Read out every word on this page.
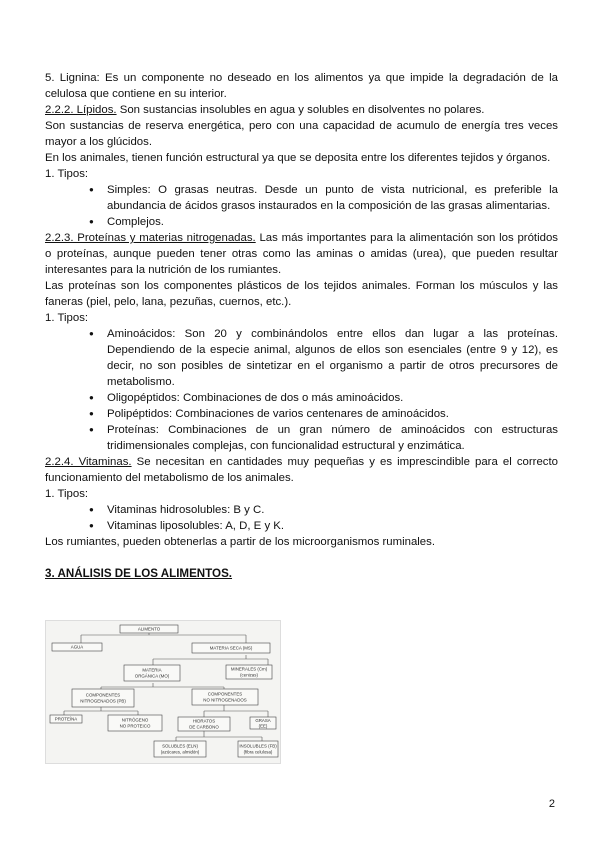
5. Lignina: Es un componente no deseado en los alimentos ya que impide la degradación de la celulosa que contiene en su interior.

2.2.2. Lípidos. Son sustancias insolubles en agua y solubles en disolventes no polares.

Son sustancias de reserva energética, pero con una capacidad de acumulo de energía tres veces mayor a los glúcidos.

En los animales, tienen función estructural ya que se deposita entre los diferentes tejidos y órganos.

1. Tipos:

● Simples: O grasas neutras. Desde un punto de vista nutricional, es preferible la abundancia de ácidos grasos instaurados en la composición de las grasas alimentarias.
● Complejos.

2.2.3. Proteínas y materias nitrogenadas. Las más importantes para la alimentación son los prótidos o proteínas, aunque pueden tener otras como las aminas o amidas (urea), que pueden resultar interesantes para la nutrición de los rumiantes.

Las proteínas son los componentes plásticos de los tejidos animales. Forman los músculos y las faneras (piel, pelo, lana, pezuñas, cuernos, etc.).

1. Tipos:

● Aminoácidos: Son 20 y combinándolos entre ellos dan lugar a las proteínas. Dependiendo de la especie animal, algunos de ellos son esenciales (entre 9 y 12), es decir, no son posibles de sintetizar en el organismo a partir de otros precursores de metabolismo.
● Oligopéptidos: Combinaciones de dos o más aminoácidos.
● Polipéptidos: Combinaciones de varios centenares de aminoácidos.
● Proteínas: Combinaciones de un gran número de aminoácidos con estructuras tridimensionales complejas, con funcionalidad estructural y enzimática.

2.2.4. Vitaminas. Se necesitan en cantidades muy pequeñas y es imprescindible para el correcto funcionamiento del metabolismo de los animales.

1. Tipos:

● Vitaminas hidrosolubles: B y C.
● Vitaminas liposolubles: A, D, E y K.

Los rumiantes, pueden obtenerlas a partir de los microorganismos ruminales.

3. ANÁLISIS DE LOS ALIMENTOS.

ALIMENTO
AGUA	MATERIA SECA (MS)
MATERIA
ORGÁNICA (MO)
MINERALES (Cm)
(cenizas)
COMPONENTES
NITROGENADOS (PB)
COMPONENTES
NO NITROGENADOS
PROTEÍNA	NITRÓGENO
NO PROTEICO
HIDRATOS
DE CARBONO
GRASA
(EE)
SOLUBLES (ELN)
(azúcares, almidón)
INSOLUBLES (FB)
(fibra celulosa)
2
